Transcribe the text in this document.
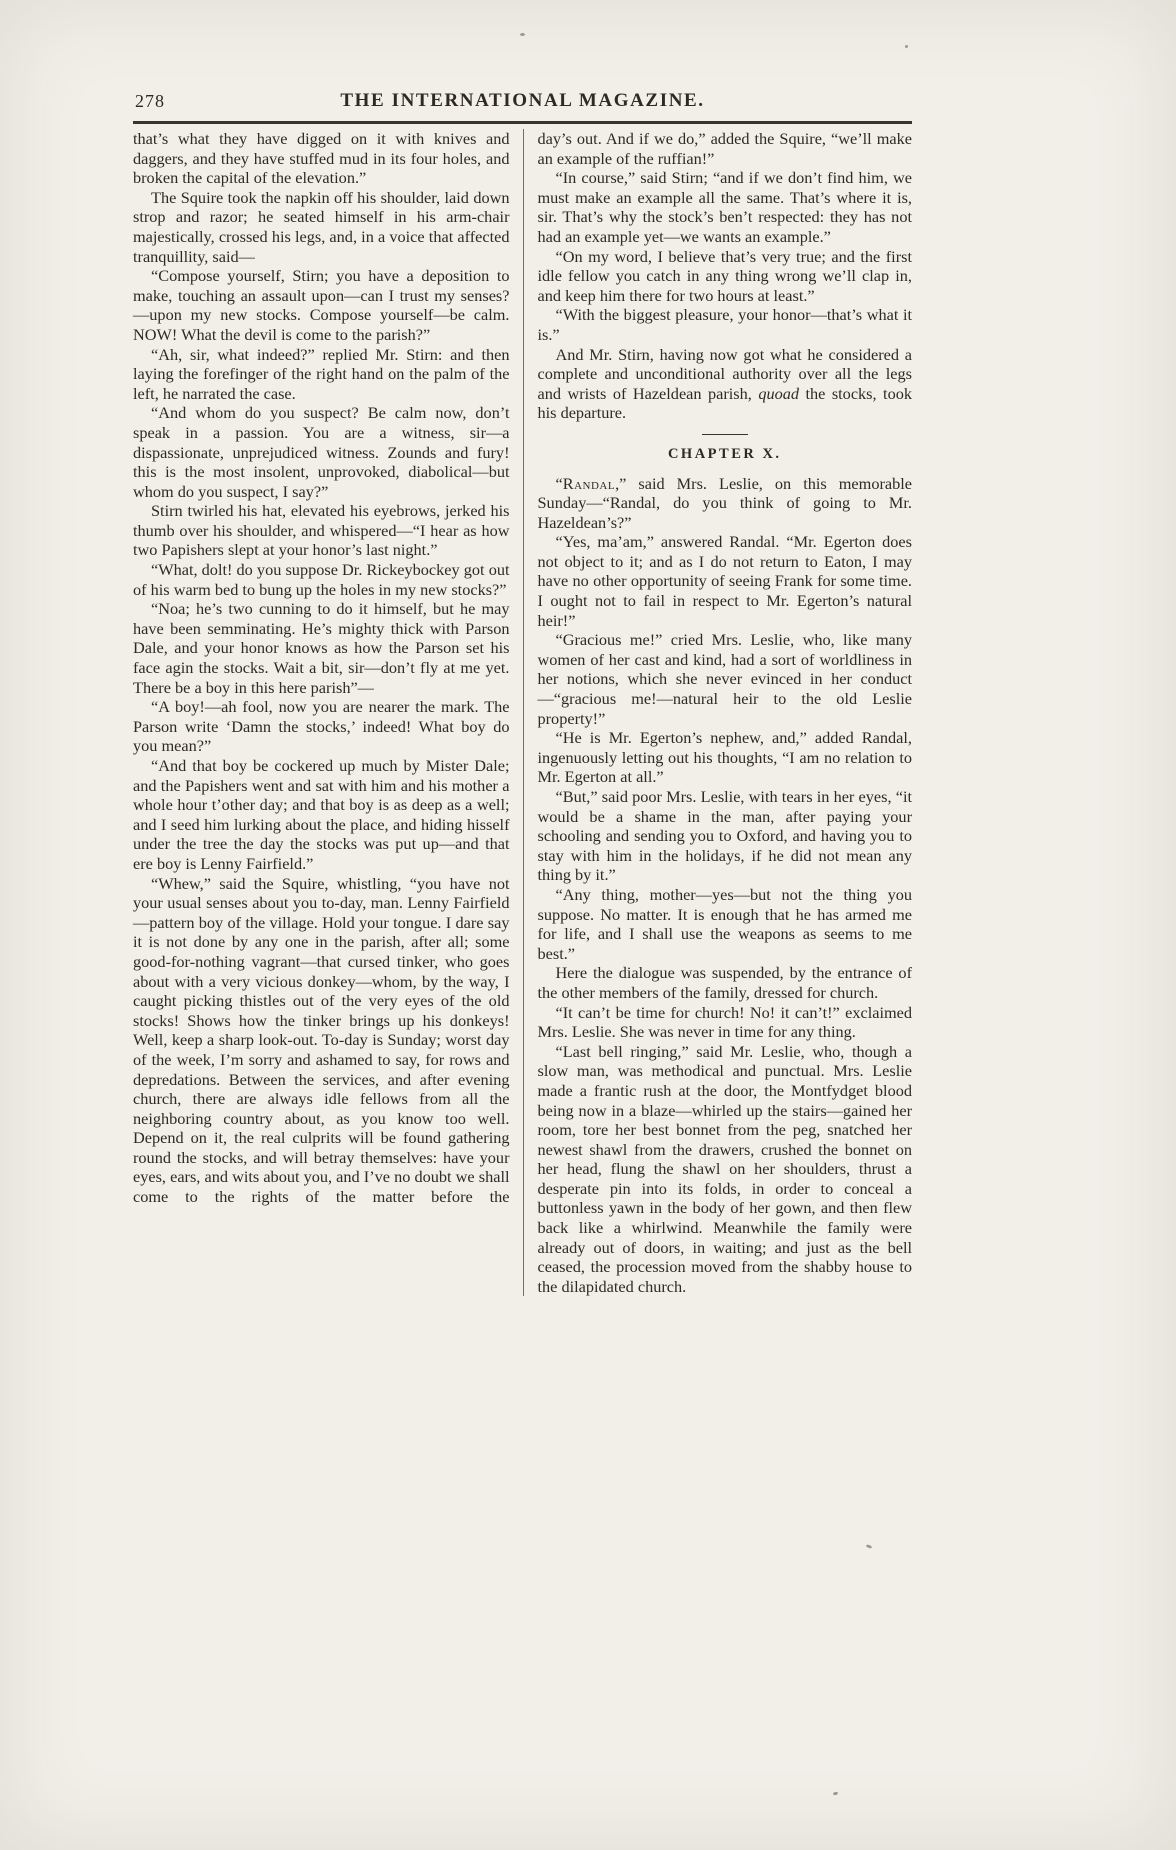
278	THE INTERNATIONAL MAGAZINE.

that’s what they have digged on it with knives and daggers, and they have stuffed mud in its four holes, and broken the capital of the elevation.”

The Squire took the napkin off his shoulder, laid down strop and razor; he seated himself in his arm-chair majestically, crossed his legs, and, in a voice that affected tranquillity, said—

“Compose yourself, Stirn; you have a deposition to make, touching an assault upon—can I trust my senses?—upon my new stocks. Compose yourself—be calm. NOW! What the devil is come to the parish?”

“Ah, sir, what indeed?” replied Mr. Stirn: and then laying the forefinger of the right hand on the palm of the left, he narrated the case.

“And whom do you suspect? Be calm now, don’t speak in a passion. You are a witness, sir—a dispassionate, unprejudiced witness. Zounds and fury! this is the most insolent, unprovoked, diabolical—but whom do you suspect, I say?”

Stirn twirled his hat, elevated his eyebrows, jerked his thumb over his shoulder, and whispered—“I hear as how two Papishers slept at your honor’s last night.”

“What, dolt! do you suppose Dr. Rickeybockey got out of his warm bed to bung up the holes in my new stocks?”

“Noa; he’s two cunning to do it himself, but he may have been semminating. He’s mighty thick with Parson Dale, and your honor knows as how the Parson set his face agin the stocks. Wait a bit, sir—don’t fly at me yet. There be a boy in this here parish”—

“A boy!—ah fool, now you are nearer the mark. The Parson write ‘Damn the stocks,’ indeed! What boy do you mean?”

“And that boy be cockered up much by Mister Dale; and the Papishers went and sat with him and his mother a whole hour t’other day; and that boy is as deep as a well; and I seed him lurking about the place, and hiding hisself under the tree the day the stocks was put up—and that ere boy is Lenny Fairfield.”

“Whew,” said the Squire, whistling, “you have not your usual senses about you to-day, man. Lenny Fairfield—pattern boy of the village. Hold your tongue. I dare say it is not done by any one in the parish, after all; some good-for-nothing vagrant—that cursed tinker, who goes about with a very vicious donkey—whom, by the way, I caught picking thistles out of the very eyes of the old stocks! Shows how the tinker brings up his donkeys! Well, keep a sharp look-out. To-day is Sunday; worst day of the week, I’m sorry and ashamed to say, for rows and depredations. Between the services, and after evening church, there are always idle fellows from all the neighboring country about, as you know too well. Depend on it, the real culprits will be found gathering round the stocks, and will betray themselves: have your eyes, ears, and wits about you, and I’ve no doubt we shall come to the rights of the matter before the

day’s out. And if we do,” added the Squire, “we’ll make an example of the ruffian!”

“In course,” said Stirn; “and if we don’t find him, we must make an example all the same. That’s where it is, sir. That’s why the stock’s ben’t respected: they has not had an example yet—we wants an example.”

“On my word, I believe that’s very true; and the first idle fellow you catch in any thing wrong we’ll clap in, and keep him there for two hours at least.”

“With the biggest pleasure, your honor—that’s what it is.”

And Mr. Stirn, having now got what he considered a complete and unconditional authority over all the legs and wrists of Hazeldean parish, quoad the stocks, took his departure.

CHAPTER X.

“Randal,” said Mrs. Leslie, on this memorable Sunday—“Randal, do you think of going to Mr. Hazeldean’s?”

“Yes, ma’am,” answered Randal. “Mr. Egerton does not object to it; and as I do not return to Eaton, I may have no other opportunity of seeing Frank for some time. I ought not to fail in respect to Mr. Egerton’s natural heir!”

“Gracious me!” cried Mrs. Leslie, who, like many women of her cast and kind, had a sort of worldliness in her notions, which she never evinced in her conduct—“gracious me!—natural heir to the old Leslie property!”

“He is Mr. Egerton’s nephew, and,” added Randal, ingenuously letting out his thoughts, “I am no relation to Mr. Egerton at all.”

“But,” said poor Mrs. Leslie, with tears in her eyes, “it would be a shame in the man, after paying your schooling and sending you to Oxford, and having you to stay with him in the holidays, if he did not mean any thing by it.”

“Any thing, mother—yes—but not the thing you suppose. No matter. It is enough that he has armed me for life, and I shall use the weapons as seems to me best.”

Here the dialogue was suspended, by the entrance of the other members of the family, dressed for church.

“It can’t be time for church! No! it can’t!” exclaimed Mrs. Leslie. She was never in time for any thing.

“Last bell ringing,” said Mr. Leslie, who, though a slow man, was methodical and punctual. Mrs. Leslie made a frantic rush at the door, the Montfydget blood being now in a blaze—whirled up the stairs—gained her room, tore her best bonnet from the peg, snatched her newest shawl from the drawers, crushed the bonnet on her head, flung the shawl on her shoulders, thrust a desperate pin into its folds, in order to conceal a buttonless yawn in the body of her gown, and then flew back like a whirlwind. Meanwhile the family were already out of doors, in waiting; and just as the bell ceased, the procession moved from the shabby house to the dilapidated church.
